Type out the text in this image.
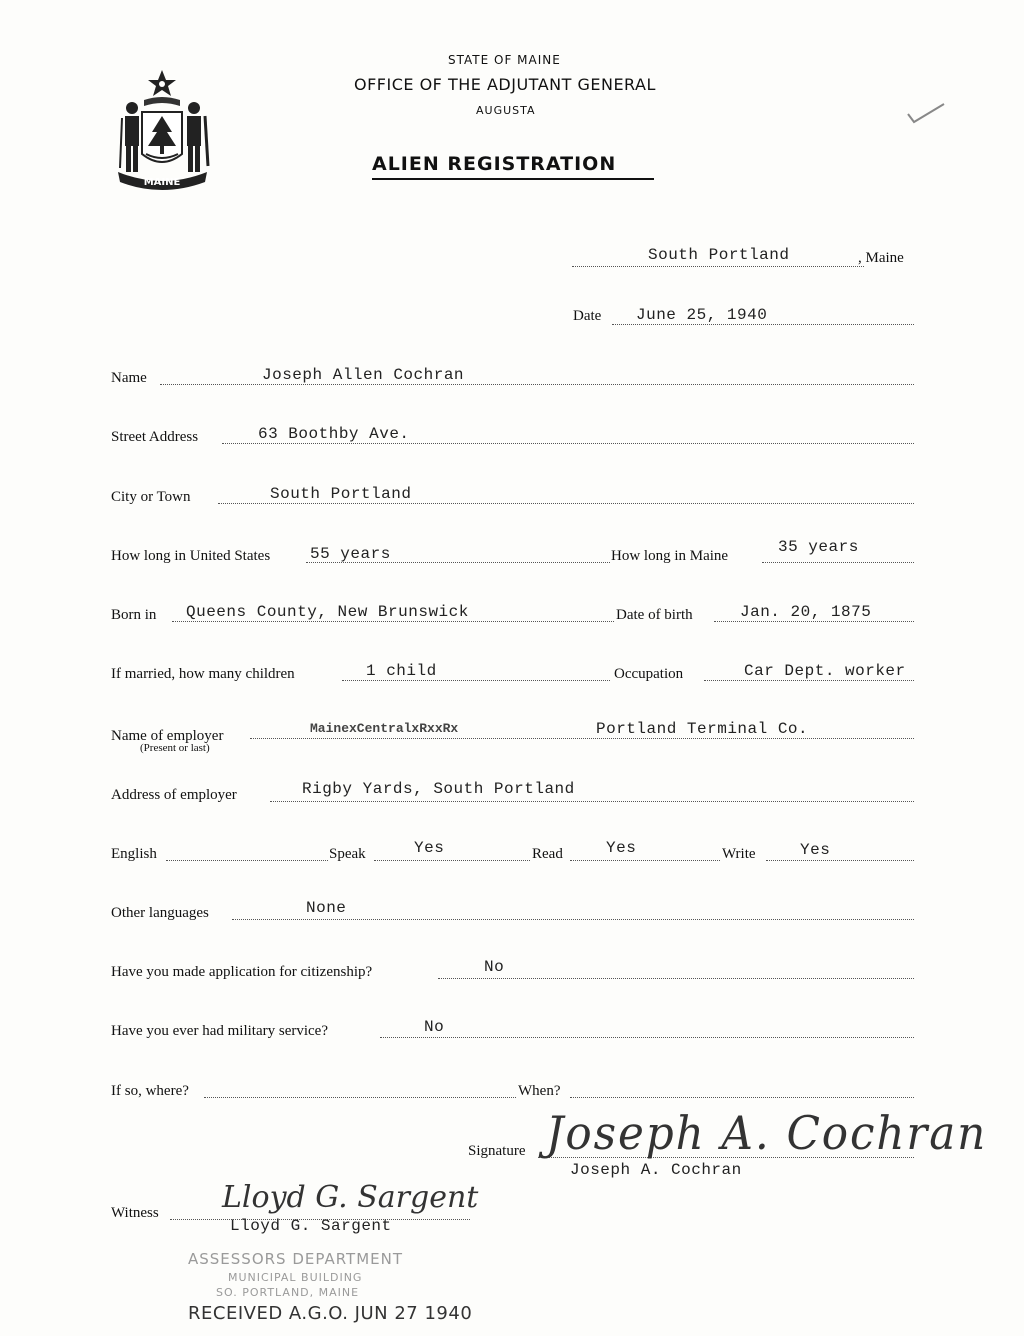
MAINE
STATE OF MAINE
OFFICE OF THE ADJUTANT GENERAL
AUGUSTA
ALIEN REGISTRATION
South Portland	, Maine
Date June 25, 1940
Name	Joseph Allen Cochran
Street Address	63 Boothby Ave.
City or Town	South Portland
How long in United States 55 years	How long in Maine	35 years
Born in Queens County, New Brunswick	Date of birth	Jan. 20, 1875
If married, how many children	1 child	Occupation	Car Dept. worker
Name of employer
(Present or last)
MainexCentralxRxxRx	Portland Terminal Co.
Address of employer	Rigby Yards, South Portland
English	Speak	Yes	Read	Yes	Write	Yes
Other languages	None
Have you made application for citizenship?	No
Have you ever had military service?	No
If so, where?	When?
Signature Joseph A. Cochran
Joseph A. Cochran
Witness Lloyd G. Sargent
Lloyd G. Sargent
ASSESSORS DEPARTMENT
MUNICIPAL BUILDING
SO. PORTLAND, MAINE
RECEIVED A.G.O. JUN 27 1940
